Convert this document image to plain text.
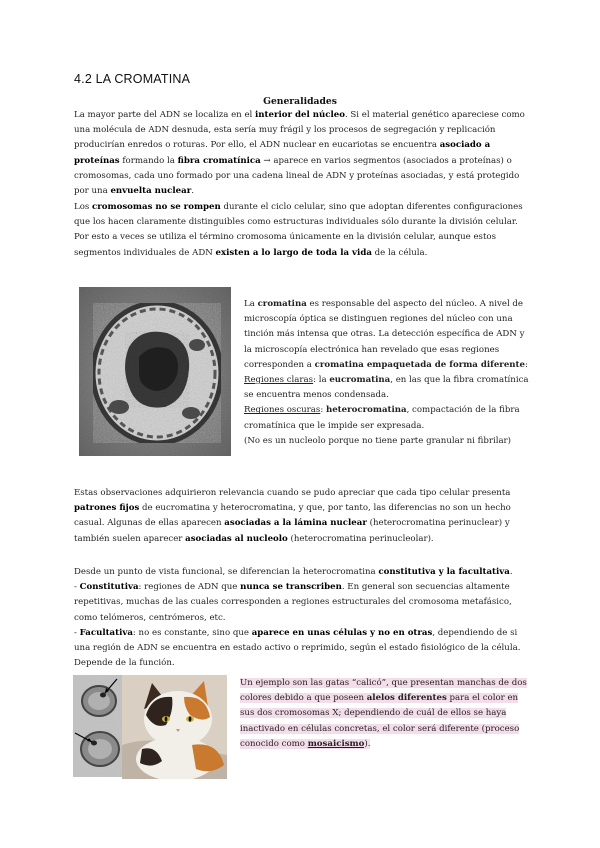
4.2 LA CROMATINA
Generalidades
La mayor parte del ADN se localiza en el interior del núcleo. Si el material genético apareciese como una molécula de ADN desnuda, esta sería muy frágil y los procesos de segregación y replicación producirían enredos o roturas. Por ello, el ADN nuclear en eucariotas se encuentra asociado a proteínas formando la fibra cromatínica → aparece en varios segmentos (asociados a proteínas) o cromosomas, cada uno formado por una cadena lineal de ADN y proteínas asociadas, y está protegido por una envuelta nuclear.
Los cromosomas no se rompen durante el ciclo celular, sino que adoptan diferentes configuraciones que los hacen claramente distinguibles como estructuras individuales sólo durante la división celular. Por esto a veces se utiliza el término cromosoma únicamente en la división celular, aunque estos segmentos individuales de ADN existen a lo largo de toda la vida de la célula.
La cromatina es responsable del aspecto del núcleo. A nivel de microscopía óptica se distinguen regiones del núcleo con una tinción más intensa que otras. La detección específica de ADN y la microscopía electrónica han revelado que esas regiones corresponden a cromatina empaquetada de forma diferente:
Regiones claras: la eucromatina, en las que la fibra cromatínica se encuentra menos condensada.
Regiones oscuras: heterocromatina, compactación de la fibra cromatínica que le impide ser expresada.
(No es un nucleolo porque no tiene parte granular ni fibrilar)
Estas observaciones adquirieron relevancia cuando se pudo apreciar que cada tipo celular presenta patrones fijos de eucromatina y heterocromatina, y que, por tanto, las diferencias no son un hecho casual. Algunas de ellas aparecen asociadas a la lámina nuclear (heterocromatina perinuclear) y también suelen aparecer asociadas al nucleolo (heterocromatina perinucleolar).
Desde un punto de vista funcional, se diferencian la heterocromatina constitutiva y la facultativa.
- Constitutiva: regiones de ADN que nunca se transcriben. En general son secuencias altamente repetitivas, muchas de las cuales corresponden a regiones estructurales del cromosoma metafásico, como telómeros, centrómeros, etc.
- Facultativa: no es constante, sino que aparece en unas células y no en otras, dependiendo de si una región de ADN se encuentra en estado activo o reprimido, según el estado fisiológico de la célula. Depende de la función.
Un ejemplo son las gatas “calicó”, que presentan manchas de dos colores debido a que poseen alelos diferentes para el color en sus dos cromosomas X; dependiendo de cuál de ellos se haya inactivado en células concretas, el color será diferente (proceso conocido como mosaicismo).
